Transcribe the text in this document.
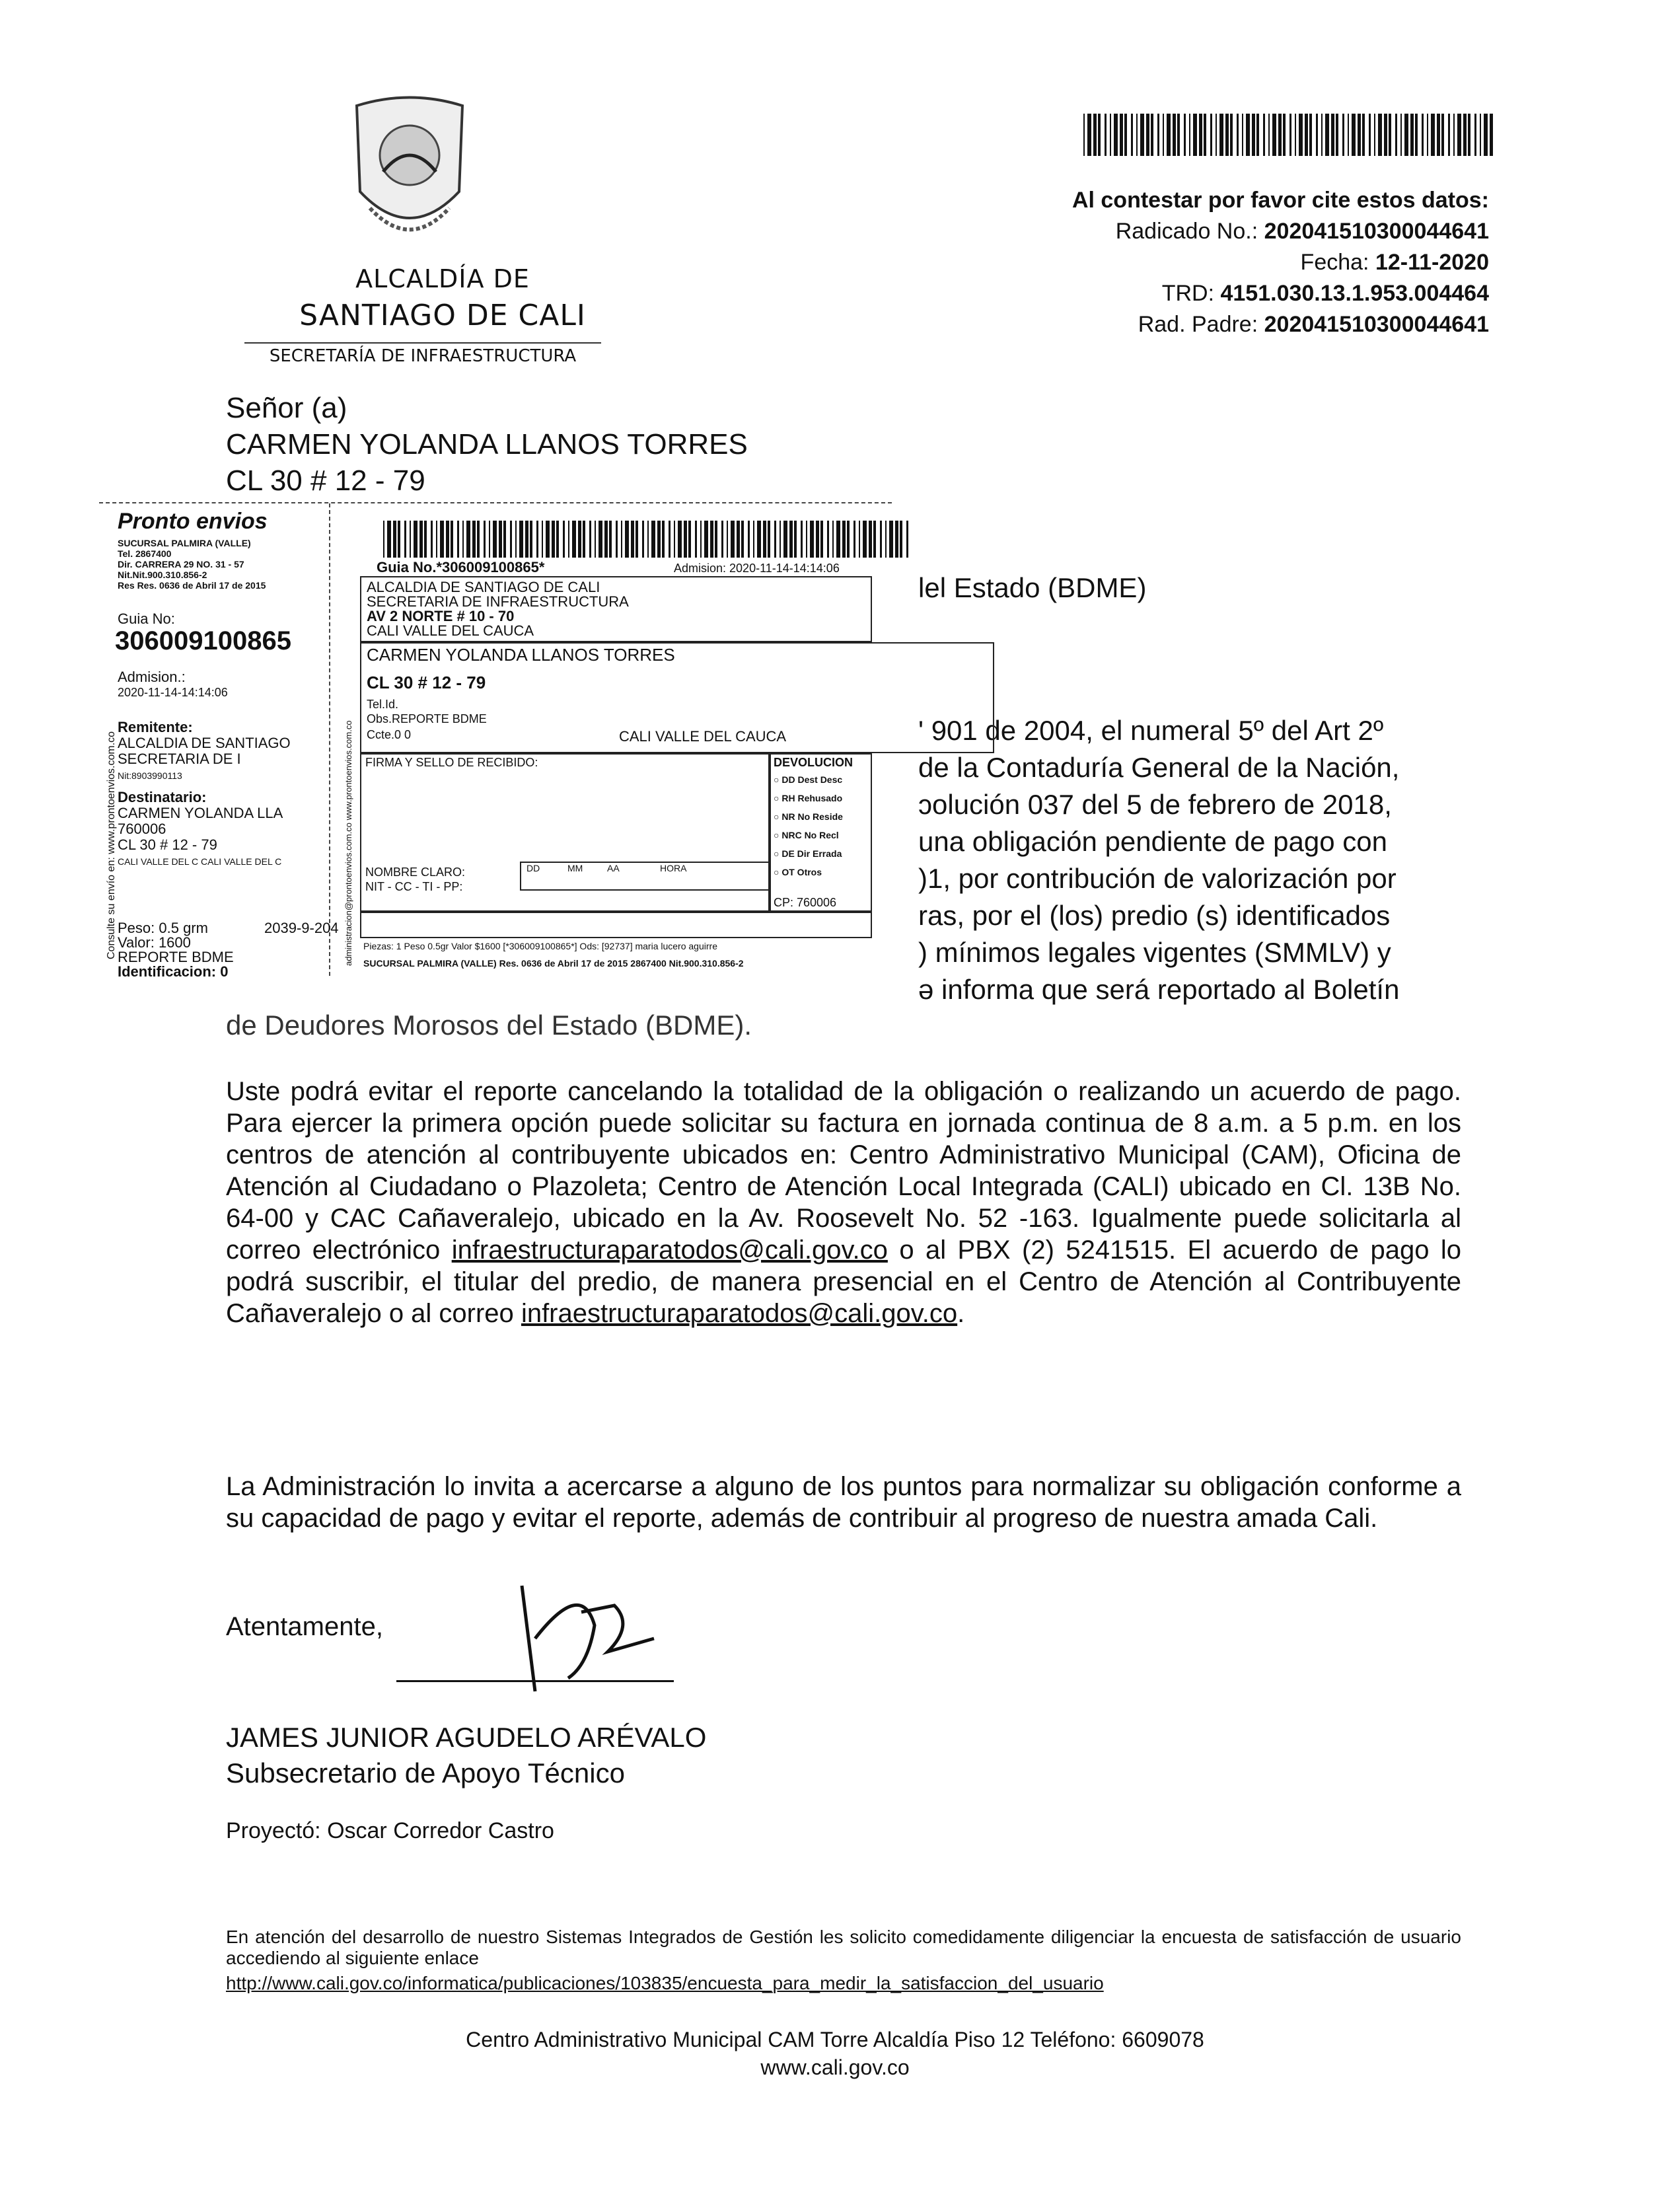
ALCALDÍA DE
SANTIAGO DE CALI
SECRETARÍA DE INFRAESTRUCTURA
Al contestar por favor cite estos datos:
Radicado No.: 202041510300044641
Fecha: 12-11-2020
TRD: 4151.030.13.1.953.004464
Rad. Padre: 202041510300044641
Señor (a)
CARMEN YOLANDA LLANOS TORRES
CL 30 # 12 - 79
lel Estado (BDME)
' 901 de 2004, el numeral 5º del Art 2º
de la Contaduría General de la Nación,
ɔolución 037 del 5 de febrero de 2018,
una obligación pendiente de pago con
)1, por contribución de valorización por
ras, por el (los) predio (s) identificados
) mínimos legales vigentes (SMMLV) y
ə informa que será reportado al Boletín
de Deudores Morosos del Estado (BDME).
Pronto envios
SUCURSAL PALMIRA (VALLE)
Tel. 2867400
Dir. CARRERA 29 NO. 31 - 57
Nit.Nit.900.310.856-2
Res Res. 0636 de Abril 17 de 2015
Guia No:
306009100865
Admision.:
2020-11-14-14:14:06
Remitente:
ALCALDIA DE SANTIAGO
SECRETARIA DE I
Nit:8903990113
Destinatario:
CARMEN YOLANDA LLA
760006
CL 30 # 12 - 79
CALI VALLE DEL C CALI VALLE DEL C
Peso: 0.5 grm	2039-9-204
Valor: 1600
REPORTE BDME
Identificacion: 0
Consulte su envío en: www.prontoenvios.com.co	administracion@prontoenvios.com.co www.prontoenvios.com.co
Guia No.*306009100865*	Admision: 2020-11-14-14:14:06
ALCALDIA DE SANTIAGO DE CALI
SECRETARIA DE INFRAESTRUCTURA
AV 2 NORTE # 10 - 70
CALI VALLE DEL CAUCA
CARMEN YOLANDA LLANOS TORRES
CL 30 # 12 - 79
Tel.Id.
Obs.REPORTE BDME
Ccte.0 0	CALI VALLE DEL CAUCA
FIRMA Y SELLO DE RECIBIDO:
NOMBRE CLARO:
NIT - CC - TI - PP:
DD	MM	AA	HORA
DEVOLUCION
○ DD Dest Desc
○ RH Rehusado
○ NR No Reside
○ NRC No Recl
○ DE Dir Errada
○ OT Otros
CP: 760006
Piezas: 1 Peso 0.5gr Valor $1600 [*306009100865*] Ods: [92737] maria lucero aguirre
SUCURSAL PALMIRA (VALLE) Res. 0636 de Abril 17 de 2015 2867400 Nit.900.310.856-2
Uste podrá evitar el reporte cancelando la totalidad de la obligación o realizando un acuerdo de pago. Para ejercer la primera opción puede solicitar su factura en jornada continua de 8 a.m. a 5 p.m. en los centros de atención al contribuyente ubicados en: Centro Administrativo Municipal (CAM), Oficina de Atención al Ciudadano o Plazoleta; Centro de Atención Local Integrada (CALI) ubicado en Cl. 13B No. 64-00 y CAC Cañaveralejo, ubicado en la Av. Roosevelt No. 52 -163. Igualmente puede solicitarla al correo electrónico infraestructuraparatodos@cali.gov.co o al PBX (2) 5241515. El acuerdo de pago lo podrá suscribir, el titular del predio, de manera presencial en el Centro de Atención al Contribuyente Cañaveralejo o al correo infraestructuraparatodos@cali.gov.co.
La Administración lo invita a acercarse a alguno de los puntos para normalizar su obligación conforme a su capacidad de pago y evitar el reporte, además de contribuir al progreso de nuestra amada Cali.
Atentamente,
JAMES JUNIOR AGUDELO ARÉVALO
Subsecretario de Apoyo Técnico
Proyectó: Oscar Corredor Castro
En atención del desarrollo de nuestro Sistemas Integrados de Gestión les solicito comedidamente diligenciar la encuesta de satisfacción de usuario accediendo al siguiente enlace
http://www.cali.gov.co/informatica/publicaciones/103835/encuesta_para_medir_la_satisfaccion_del_usuario
Centro Administrativo Municipal CAM Torre Alcaldía Piso 12 Teléfono: 6609078
www.cali.gov.co
